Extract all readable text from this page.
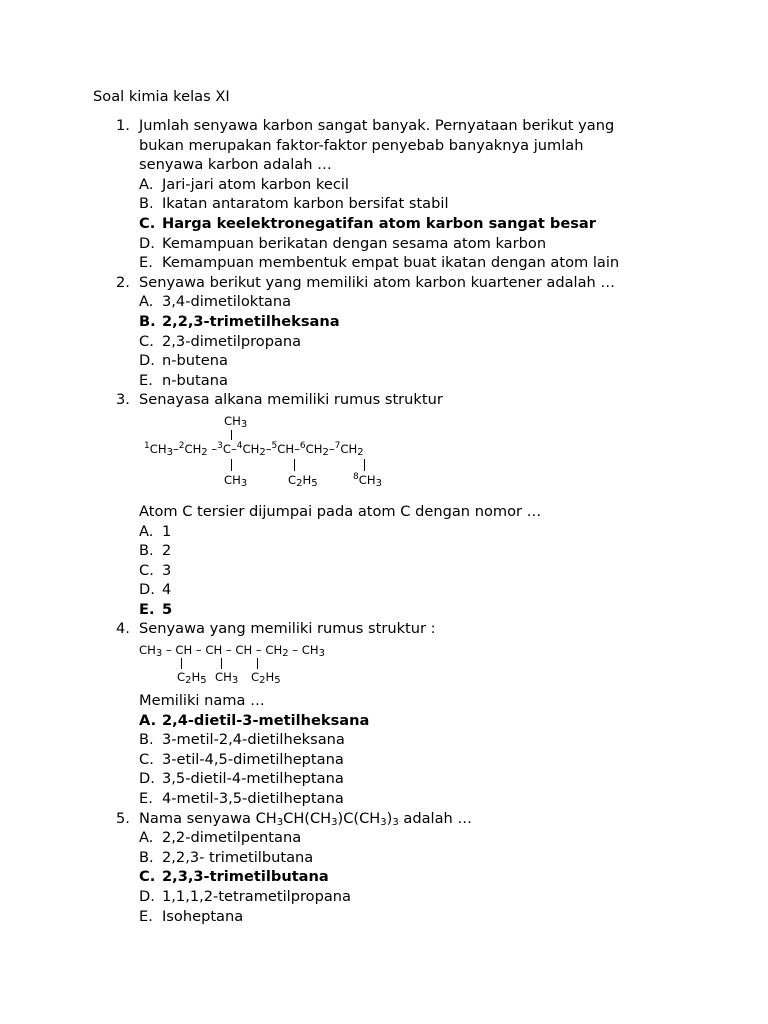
Soal kimia kelas XI
1. Jumlah senyawa karbon sangat banyak. Pernyataan berikut yang
bukan merupakan faktor-faktor penyebab banyaknya jumlah
senyawa karbon adalah …
A. Jari-jari atom karbon kecil
B. Ikatan antaratom karbon bersifat stabil
C. Harga keelektronegatifan atom karbon sangat besar
D. Kemampuan berikatan dengan sesama atom karbon
E. Kemampuan membentuk empat buat ikatan dengan atom lain
2. Senyawa berikut yang memiliki atom karbon kuartener adalah …
A. 3,4-dimetiloktana
B. 2,2,3-trimetilheksana
C. 2,3-dimetilpropana
D. n-butena
E. n-butana
3. Senayasa alkana memiliki rumus struktur
$CH_3$
$^1CH_3-^2CH_2$ $-^3C-^4CH_2-^5CH-^6CH_2-^7CH_2$
$CH_3$	$C_2H_5$
$^8CH_3$
Atom C tersier dijumpai pada atom C dengan nomor …
A. 1
B. 2
C. 3
D. 4
E. 5
4. Senyawa yang memiliki rumus struktur :
$CH_3$ – CH – CH – CH – $CH_2 - CH_3$
$C_2H_5$ $CH_3$ $C_2H_5$
Memiliki nama …
A. 2,4-dietil-3-metilheksana
B. 3-metil-2,4-dietilheksana
C. 3-etil-4,5-dimetilheptana
D. 3,5-dietil-4-metilheptana
E. 4-metil-3,5-dietilheptana
5. Nama senyawa $CH_3CH(CH_3)C(CH_3)_3$ adalah …
A. 2,2-dimetilpentana
B. 2,2,3- trimetilbutana
C. 2,3,3-trimetilbutana
D. 1,1,1,2-tetrametilpropana
E. Isoheptana
